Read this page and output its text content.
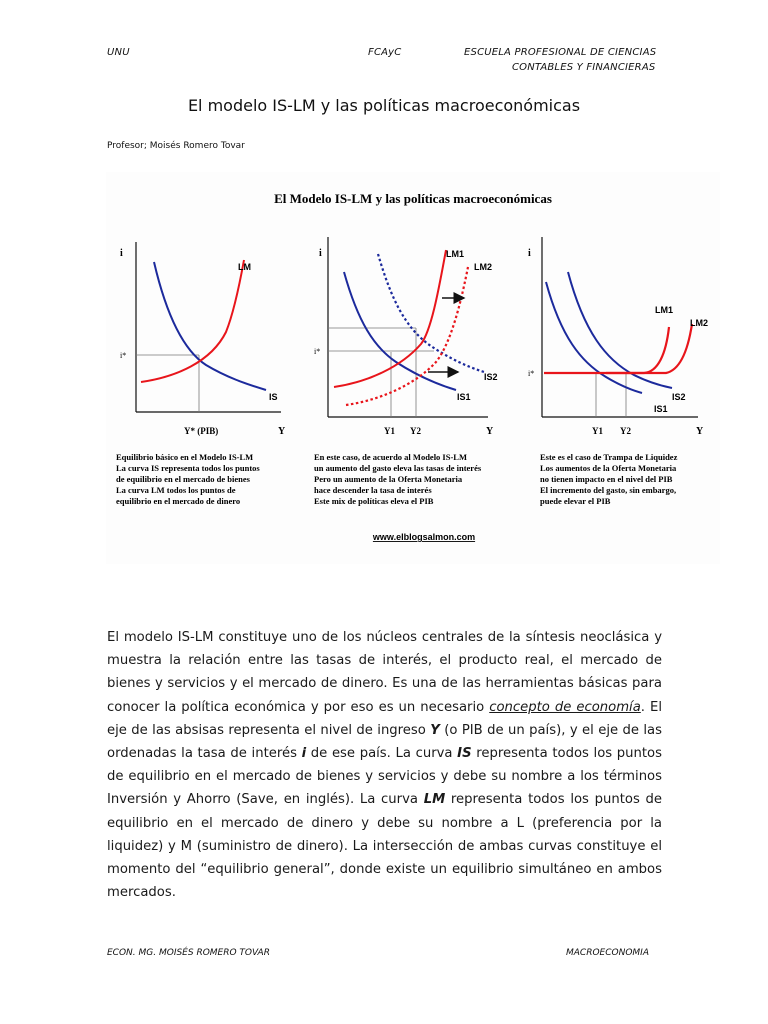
UNU	FCAyC	ESCUELA PROFESIONAL DE CIENCIAS
CONTABLES Y FINANCIERAS
El modelo IS-LM y las políticas macroeconómicas
Profesor; Moisés Romero Tovar
El Modelo IS-LM y las políticas macroeconómicas
i
Y
LM
IS
i*
Y* (PIB)
Equilibrio básico en el Modelo IS-LM La curva IS representa todos los puntos de equilibrio en el mercado de bienes La curva LM todos los puntos de equilibrio en el mercado de dinero
i
Y
LM1
LM2
IS2
IS1
i*
Y1 Y2
En este caso, de acuerdo al Modelo IS-LM un aumento del gasto eleva las tasas de interés Pero un aumento de la Oferta Monetaria hace descender la tasa de interés Este mix de políticas eleva el PIB
i
Y
LM1
LM2
IS2
IS1
i*
Y1 Y2
Este es el caso de Trampa de Liquidez Los aumentos de la Oferta Monetaria no tienen impacto en el nivel del PIB El incremento del gasto, sin embargo, puede elevar el PIB
www.elblogsalmon.com
El modelo IS-LM constituye uno de los núcleos centrales de la síntesis neoclásica y muestra la relación entre las tasas de interés, el producto real, el mercado de bienes y servicios y el mercado de dinero. Es una de las herramientas básicas para conocer la política económica y por eso es un necesario concepto de economía. El eje de las absisas representa el nivel de ingreso Y (o PIB de un país), y el eje de las ordenadas la tasa de interés i de ese país. La curva IS representa todos los puntos de equilibrio en el mercado de bienes y servicios y debe su nombre a los términos Inversión y Ahorro (Save, en inglés). La curva LM representa todos los puntos de equilibrio en el mercado de dinero y debe su nombre a L (preferencia por la liquidez) y M (suministro de dinero). La intersección de ambas curvas constituye el momento del “equilibrio general”, donde existe un equilibrio simultáneo en ambos mercados.
ECON. MG. MOISÉS ROMERO TOVAR	MACROECONOMIA
